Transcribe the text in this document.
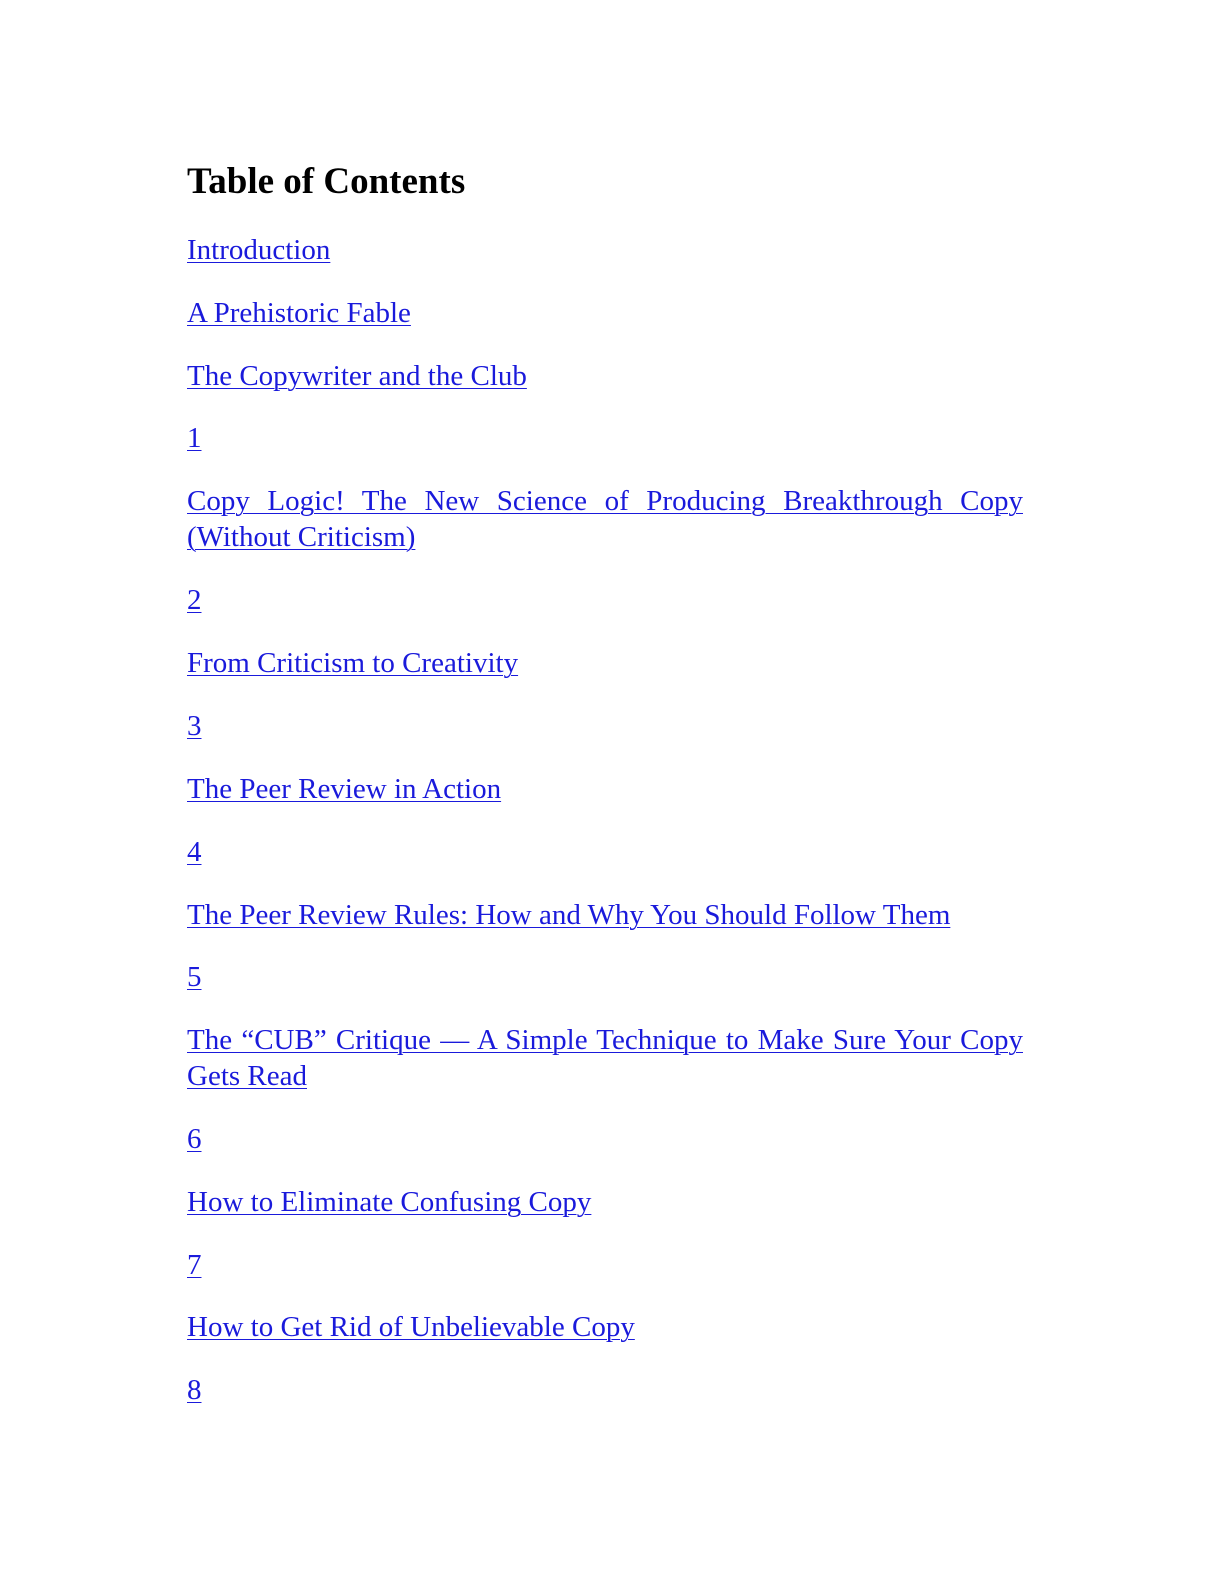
Table of Contents
Introduction
A Prehistoric Fable
The Copywriter and the Club
1
Copy Logic! The New Science of Producing Breakthrough Copy (Without Criticism)
2
From Criticism to Creativity
3
The Peer Review in Action
4
The Peer Review Rules: How and Why You Should Follow Them
5
The “CUB” Critique — A Simple Technique to Make Sure Your Copy Gets Read
6
How to Eliminate Confusing Copy
7
How to Get Rid of Unbelievable Copy
8
